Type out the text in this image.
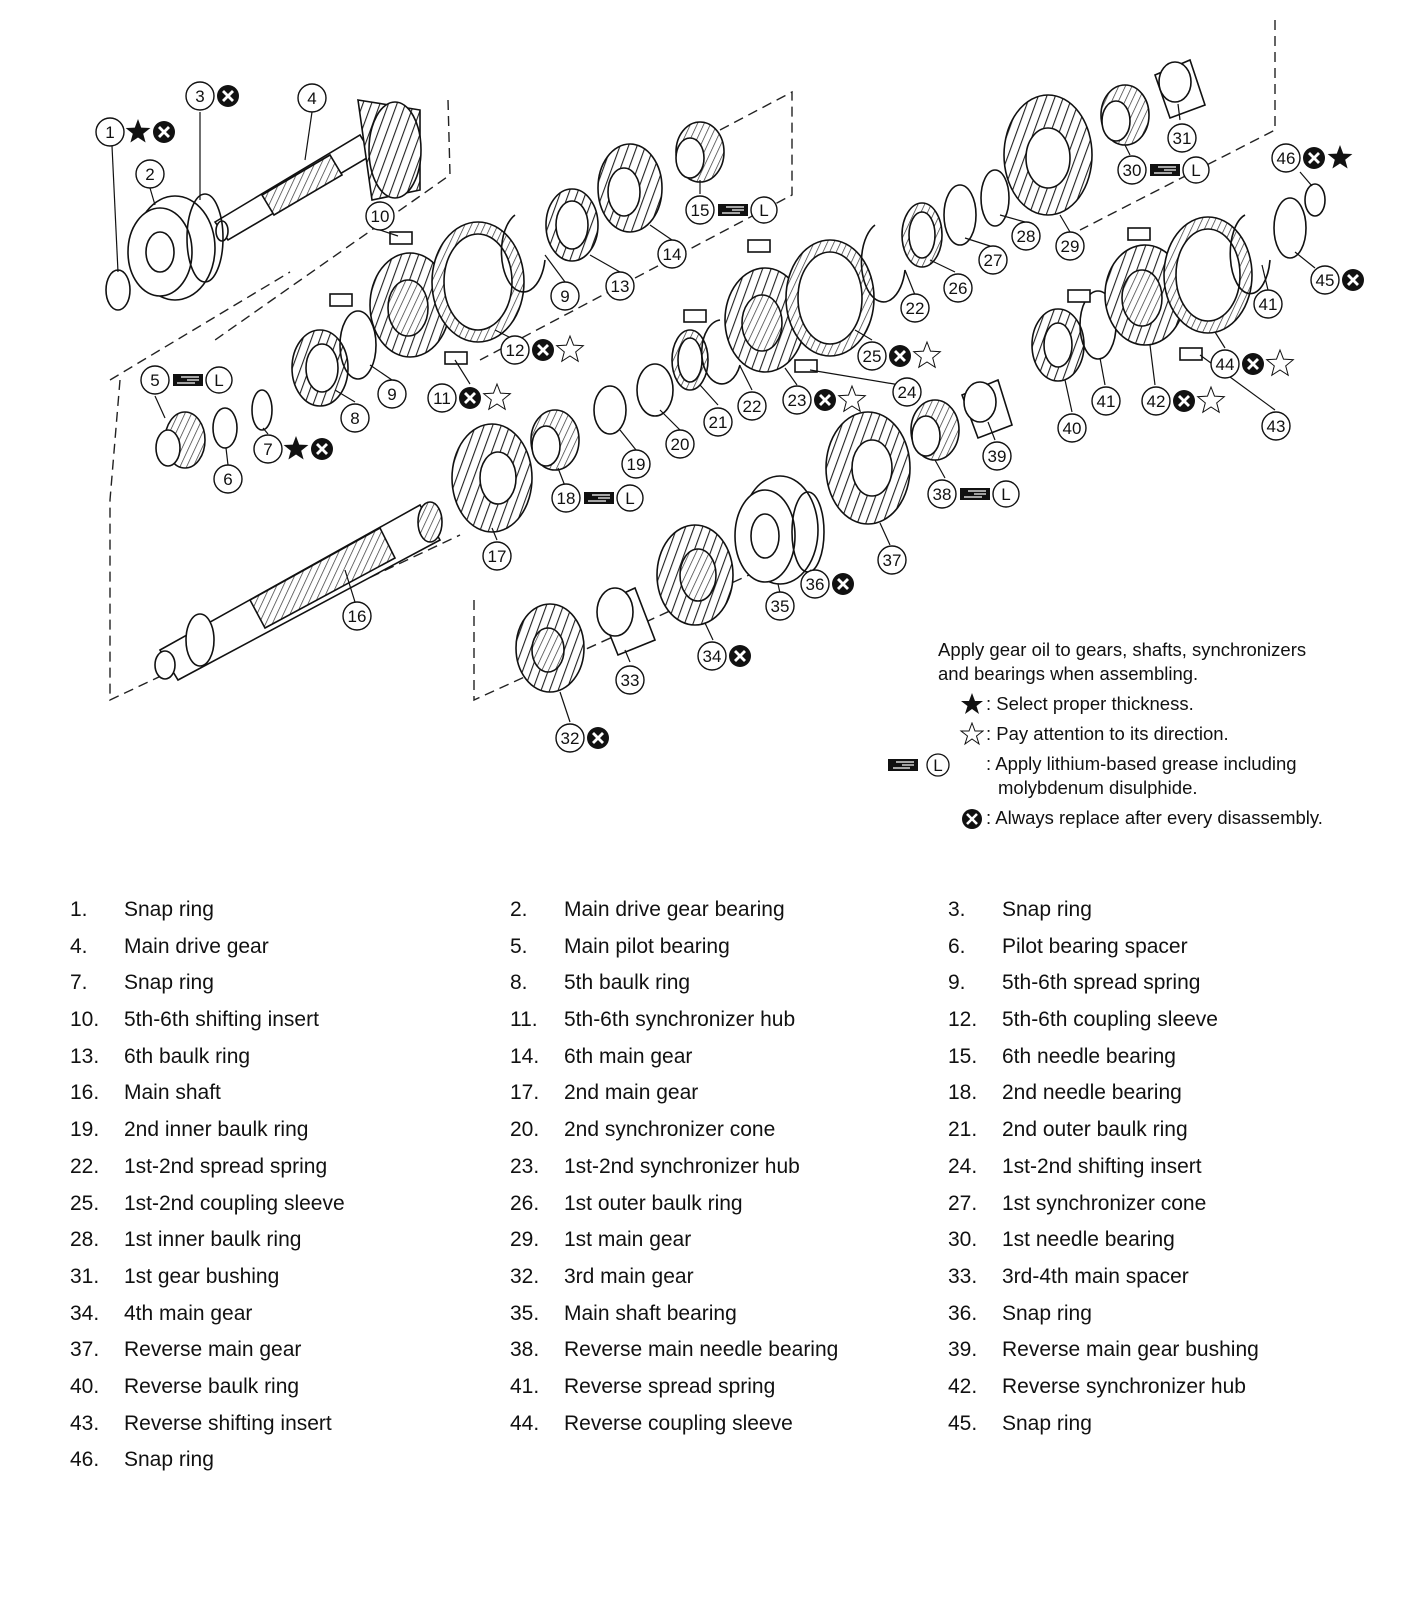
1
2
3	4
5	L
6
7
8
9
9
10
11
12
13
14
15	L
16
17
18	L
19
20
21
22
22
23	24
25
26
27
28
29
30	L
31
32
33
34
35
36
37
38	L
39
40
41
41
42
43
44
45
46
Apply gear oil to gears, shafts, synchronizers
and bearings when assembling.
: Select proper thickness.
: Pay attention to its direction.
L : Apply lithium-based grease including
molybdenum disulphide.
: Always replace after every disassembly.
1. Snap ring	2. Main drive gear bearing	3. Snap ring
4. Main drive gear	5. Main pilot bearing	6. Pilot bearing spacer
7. Snap ring	8. 5th baulk ring	9. 5th-6th spread spring
10. 5th-6th shifting insert	11. 5th-6th synchronizer hub	12. 5th-6th coupling sleeve
13. 6th baulk ring	14. 6th main gear	15. 6th needle bearing
16. Main shaft	17. 2nd main gear	18. 2nd needle bearing
19. 2nd inner baulk ring	20. 2nd synchronizer cone	21. 2nd outer baulk ring
22. 1st-2nd spread spring	23. 1st-2nd synchronizer hub	24. 1st-2nd shifting insert
25. 1st-2nd coupling sleeve	26. 1st outer baulk ring	27. 1st synchronizer cone
28. 1st inner baulk ring	29. 1st main gear	30. 1st needle bearing
31. 1st gear bushing	32. 3rd main gear	33. 3rd-4th main spacer
34. 4th main gear	35. Main shaft bearing	36. Snap ring
37. Reverse main gear	38. Reverse main needle bearing	39. Reverse main gear bushing
40. Reverse baulk ring	41. Reverse spread spring	42. Reverse synchronizer hub
43. Reverse shifting insert	44. Reverse coupling sleeve	45. Snap ring
46. Snap ring
